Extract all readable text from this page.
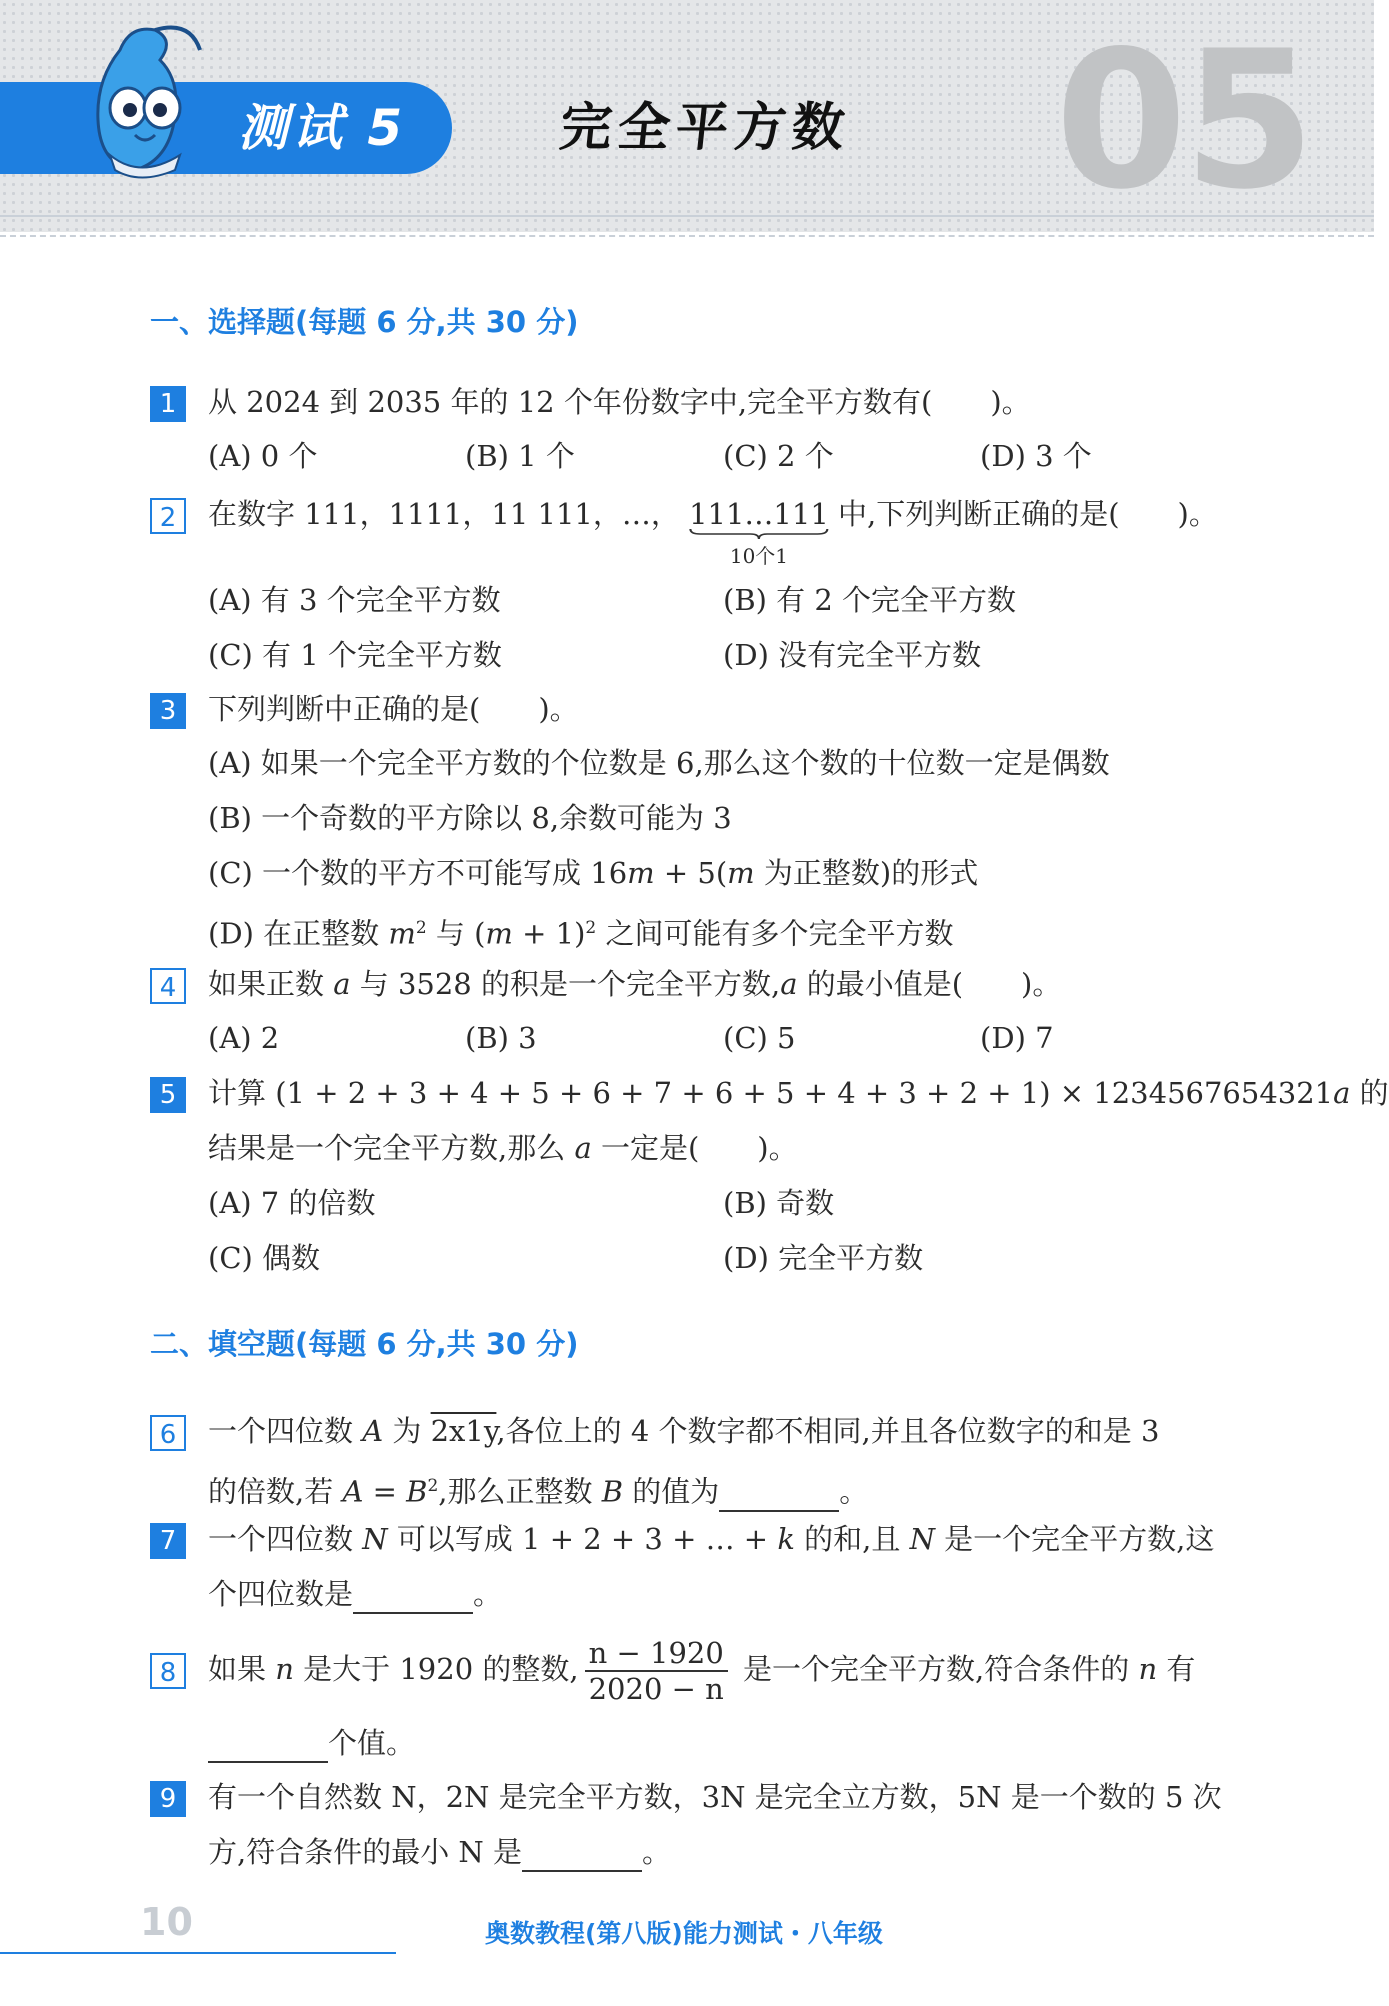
测试 5	完全平方数 05
一、选择题(每题 6 分,共 30 分)
1	从 2024 到 2035 年的 12 个年份数字中,完全平方数有(　　)。
(A) 0 个	(B) 1 个	(C) 2 个	(D) 3 个
2	在数字 111，1111，11 111，…， 111…111
10个1
中,下列判断正确的是(　　)。
(A) 有 3 个完全平方数	(B) 有 2 个完全平方数
(C) 有 1 个完全平方数	(D) 没有完全平方数
3	下列判断中正确的是(　　)。
(A) 如果一个完全平方数的个位数是 6,那么这个数的十位数一定是偶数
(B) 一个奇数的平方除以 8,余数可能为 3
(C) 一个数的平方不可能写成 16m + 5(m 为正整数)的形式
(D) 在正整数 $m^2$ 与 $(m + 1)^2$ 之间可能有多个完全平方数
4	如果正数 a 与 3528 的积是一个完全平方数,a 的最小值是(　　)。
(A) 2	(B) 3	(C) 5	(D) 7
5	计算 (1 + 2 + 3 + 4 + 5 + 6 + 7 + 6 + 5 + 4 + 3 + 2 + 1) × 1234567654321a 的
结果是一个完全平方数,那么 a 一定是(　　)。
(A) 7 的倍数	(B) 奇数
(C) 偶数	(D) 完全平方数
二、填空题(每题 6 分,共 30 分)
6	一个四位数 A 为 2x1y,各位上的 4 个数字都不相同,并且各位数字的和是 3
的倍数,若 $A = B^2$,那么正整数 B 的值为	。
7	一个四位数 N 可以写成 1 + 2 + 3 + … + k 的和,且 N 是一个完全平方数,这
个四位数是	。
8	如果 n 是大于 1920 的整数, $\frac{n - 1920}{2020 - n}$ 是一个完全平方数,符合条件的 n 有
个值。
9	有一个自然数 N，2N 是完全平方数，3N 是完全立方数，5N 是一个数的 5 次
方,符合条件的最小 N 是	。
10	奥数教程(第八版)能力测试・八年级
